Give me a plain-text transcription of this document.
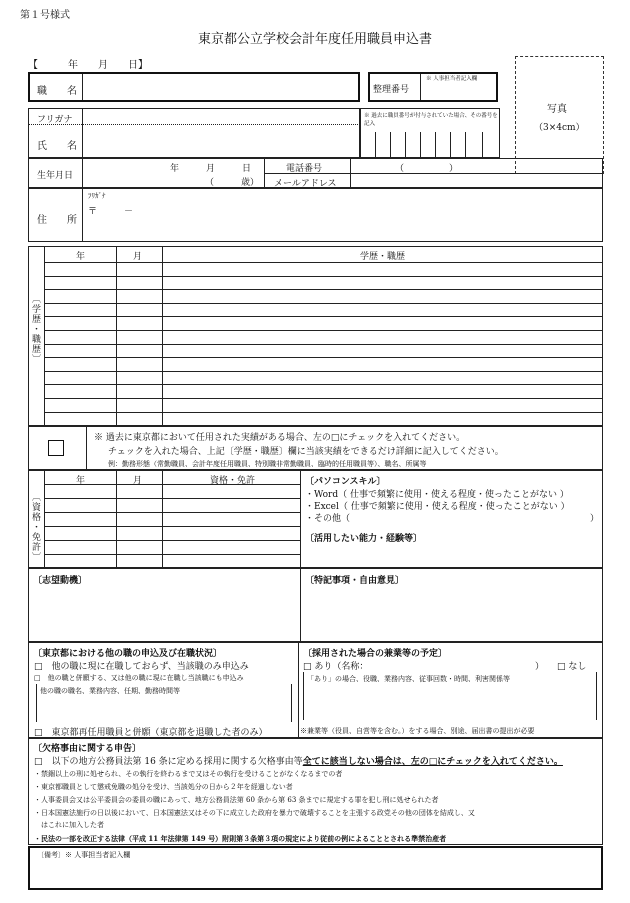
第１号様式
東京都公立学校会計年度任用職員申込書
【　　　年　　月　　日】
職　　名	整理番号
※ 人事担当者記入欄
写真
（3×4cm）
フリガナ
氏　　名
※ 過去に職員番号が付与されていた場合、その番号を記入
生年月日
年　　　月　　　日
（　　　歳）
電話番号	（　　　　　）
メールアドレス
住　　所
ﾌﾘｶﾞﾅ
〒　　　－
〔学歴・職歴〕
年	月	学歴・職歴
※ 過去に東京都において任用された実績がある場合、左の□にチェックを入れてください。
チェックを入れた場合、上記〔学歴・職歴〕欄に当該実績をできるだけ詳細に記入してください。
例：勤務形態（常勤職員、会計年度任用職員、特別職非常勤職員、臨時的任用職員等）、職名、所属等
〔資格・免許〕
年	月	資格・免許	〔パソコンスキル〕
・Word（ 仕事で頻繁に使用・使える程度・使ったことがない ）
・Excel（ 仕事で頻繁に使用・使える程度・使ったことがない ）
・その他（	）
〔活用したい能力・経験等〕
〔志望動機〕	〔特記事項・自由意見〕
〔東京都における他の職の申込及び在職状況〕
□　他の職に現に在職しておらず、当該職のみ申込み
□　他の職と併願する、又は他の職に現に在職し当該職にも申込み
他の職の職名、業務内容、任期、勤務時間等
□　東京都再任用職員と併願（東京都を退職した者のみ）
〔採用された場合の兼業等の予定〕
□ あり（名称：	） □ なし
「あり」の場合、役職、業務内容、従事回数・時間、利害関係等
※兼業等（役員、自営等を含む。）をする場合、別途、届出書の提出が必要
〔欠格事由に関する申告〕
□　以下の地方公務員法第 16 条に定める採用に関する欠格事由等全てに該当しない場合は、左の□にチェックを入れてください。
・禁錮以上の刑に処せられ、その執行を終わるまで又はその執行を受けることがなくなるまでの者
・東京都職員として懲戒免職の処分を受け、当該処分の日から２年を経過しない者
・人事委員会又は公平委員会の委員の職にあって、地方公務員法第 60 条から第 63 条までに規定する罪を犯し刑に処せられた者
・日本国憲法施行の日以後において、日本国憲法又はその下に成立した政府を暴力で破壊することを主張する政党その他の団体を結成し、又
　はこれに加入した者
・民法の一部を改正する法律（平成 11 年法律第 149 号）附則第３条第３項の規定により従前の例によることとされる準禁治産者
〔備考〕※ 人事担当者記入欄
